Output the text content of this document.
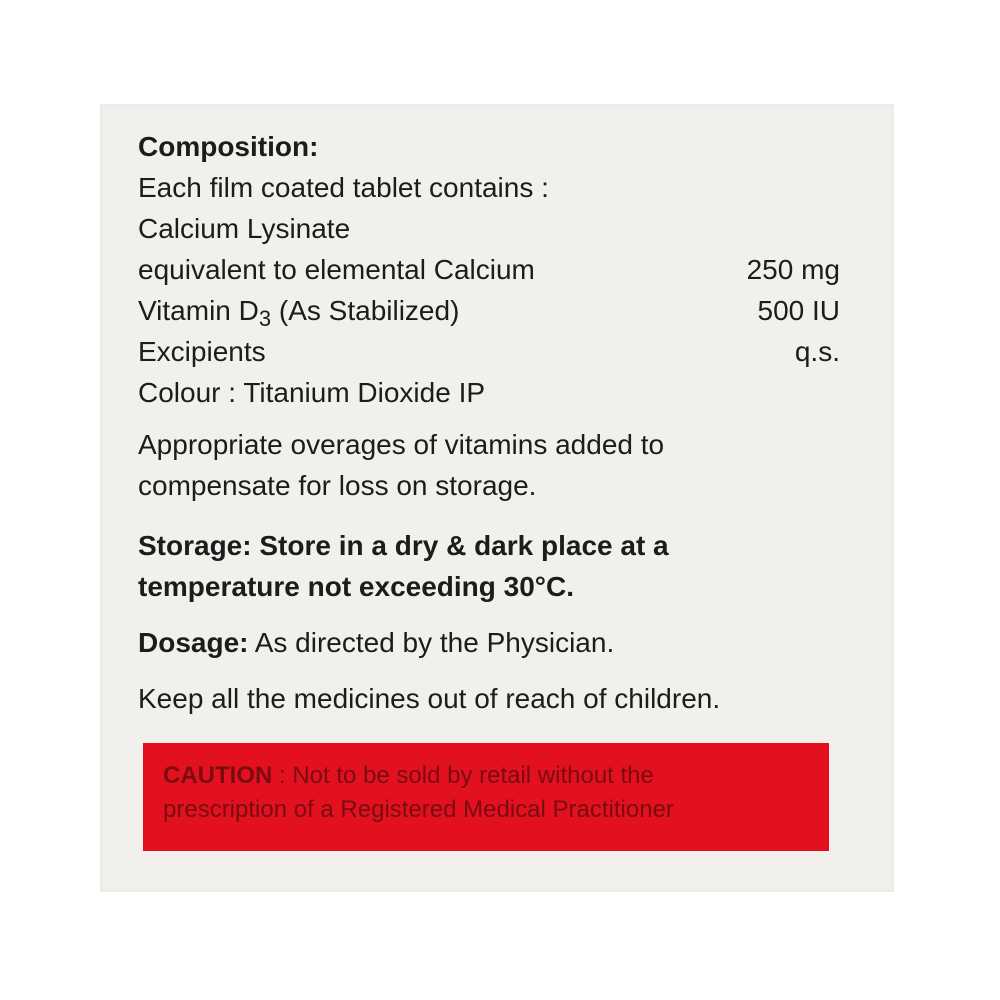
Composition:
Each film coated tablet contains :
Calcium Lysinate
equivalent to elemental Calcium	250 mg
Vitamin $D_3$ (As Stabilized)	500 IU
Excipients	q.s.
Colour : Titanium Dioxide IP
Appropriate overages of vitamins added to
compensate for loss on storage.
Storage: Store in a dry & dark place at a
temperature not exceeding 30°C.
Dosage: As directed by the Physician.
Keep all the medicines out of reach of children.
CAUTION : Not to be sold by retail without the
prescription of a Registered Medical Practitioner
